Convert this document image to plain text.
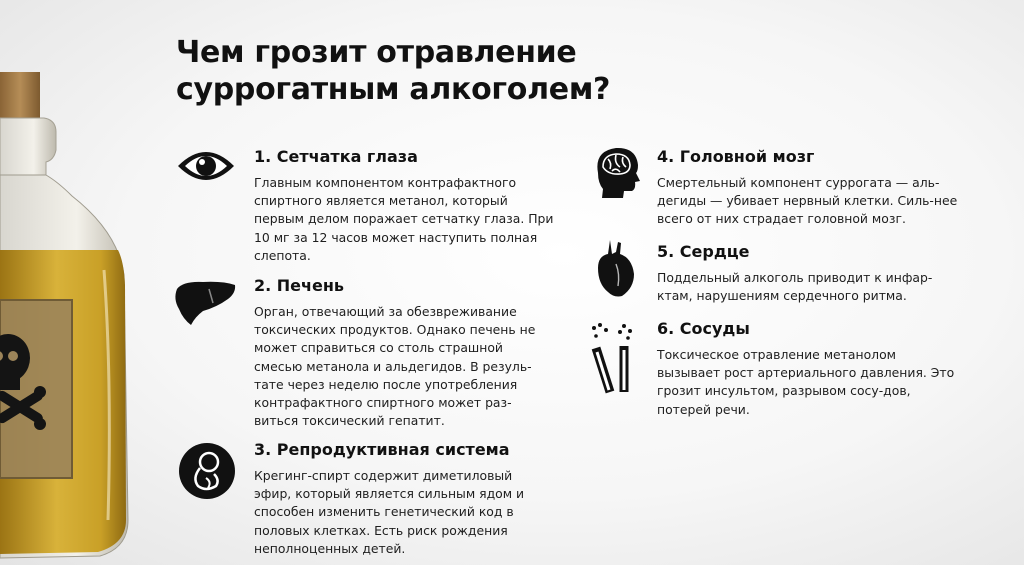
Чем грозит отравление
суррогатным алкоголем?
1. Сетчатка глаза

Главным компонентом контрафактного спиртного является метанол, который первым делом поражает сетчатку глаза. При 10 мг за 12 часов может наступить полная слепота.

2. Печень

Орган, отвечающий за обезвреживание токсических продуктов. Однако печень не может справиться со столь страшной смесью метанола и альдегидов. В резуль-тате через неделю после употребления контрафактного спиртного может раз-виться токсический гепатит.

3. Репродуктивная система

Крегинг-спирт содержит диметиловый эфир, который является сильным ядом и способен изменить генетический код в половых клетках. Есть риск рождения неполноценных детей.

4. Головной мозг

Смертельный компонент суррогата — аль-дегиды — убивает нервный клетки. Силь-нее всего от них страдает головной мозг.

5. Сердце

Поддельный алкоголь приводит к инфар-ктам, нарушениям сердечного ритма.

6. Сосуды

Токсическое отравление метанолом вызывает рост артериального давления. Это грозит инсультом, разрывом сосу-дов, потерей речи.
